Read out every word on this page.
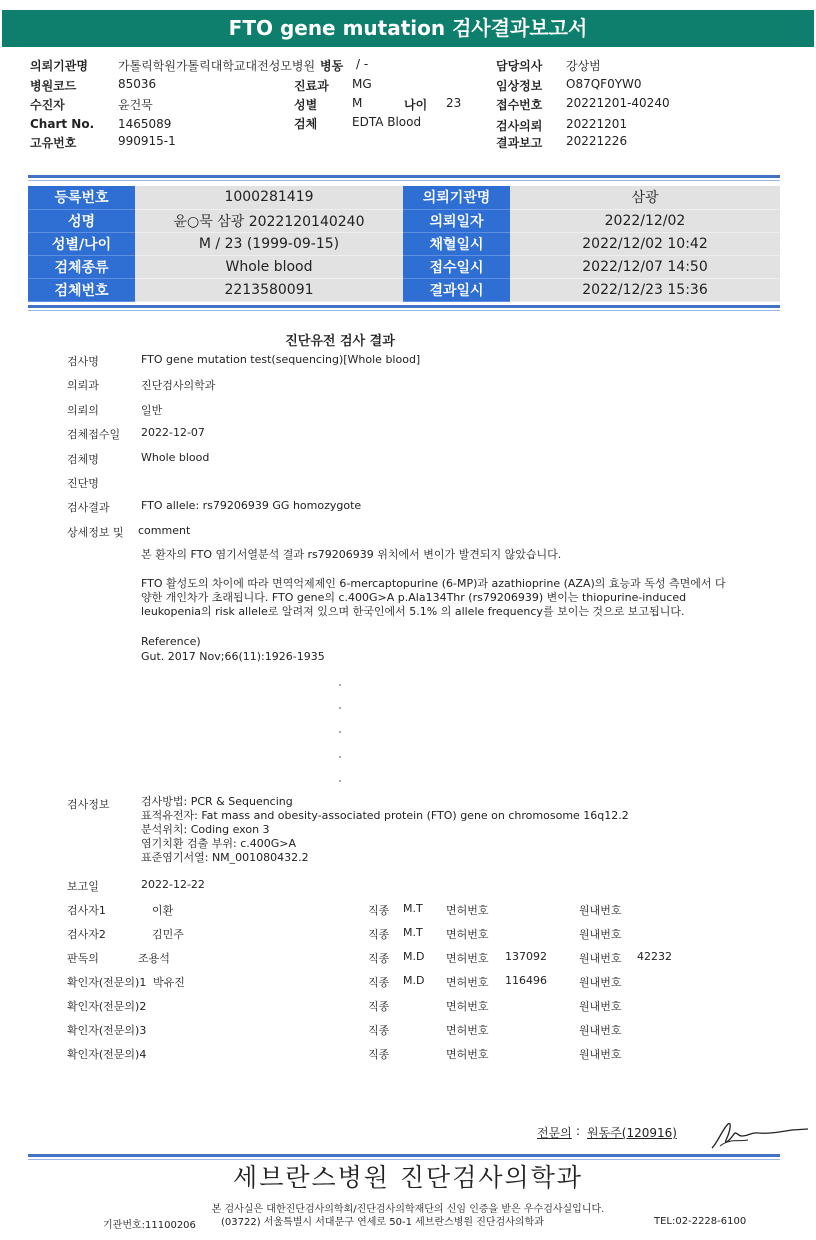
FTO gene mutation 검사결과보고서
의뢰기관명	가톨릭학원가톨릭대학교대전성모병원 병동 / -	담당의사 강상범
병원코드	85036	진료과 MG	임상정보 O87QF0YW0
수진자	윤건묵	성별	M	나이 23	접수번호 20221201-40240
Chart No. 1465089	검체	EDTA Blood	검사의뢰 20221201
고유번호	990915-1	결과보고 20221226
등록번호	1000281419	의뢰기관명	삼광
성명	윤○묵 삼광 2022120140240	의뢰일자	2022/12/02
성별/나이	M / 23 (1999-09-15)	채혈일시	2022/12/02 10:42
검체종류	Whole blood	접수일시	2022/12/07 14:50
검체번호	2213580091	결과일시	2022/12/23 15:36
진단유전 검사 결과
검사명	FTO gene mutation test(sequencing)[Whole blood]
의뢰과	진단검사의학과
의뢰의	일반
검체접수일 2022-12-07
검체명	Whole blood
진단명
검사결과	FTO allele: rs79206939 GG homozygote
상세정보 및 comment
본 환자의 FTO 염기서열분석 결과 rs79206939 위치에서 변이가 발견되지 않았습니다.
FTO 활성도의 차이에 따라 면역억제제인 6-mercaptopurine (6-MP)과 azathioprine (AZA)의 효능과 독성 측면에서 다양한 개인차가 초래됩니다. FTO gene의 c.400G>A p.Ala134Thr (rs79206939) 변이는 thiopurine-induced leukopenia의 risk allele로 알려져 있으며 한국인에서 5.1% 의 allele frequency를 보이는 것으로 보고됩니다.
Reference)
Gut. 2017 Nov;66(11):1926-1935
검사정보	검사방법: PCR & Sequencing
표적유전자: Fat mass and obesity-associated protein (FTO) gene on chromosome 16q12.2
분석위치: Coding exon 3
염기치환 검출 부위: c.400G>A
표준염기서열: NM_001080432.2
보고일	2022-12-22
검사자1	이환	직종 M.T 면허번호	원내번호
검사자2	김민주	직종 M.T 면허번호	원내번호
판독의	조용석	직종 M.D 면허번호 137092	원내번호 42232
확인자(전문의)1 박유진	직종 M.D 면허번호 116496	원내번호
확인자(전문의)2	직종	면허번호	원내번호
확인자(전문의)3	직종	면허번호	원내번호
확인자(전문의)4	직종	면허번호	원내번호
전문의 : 원동주(120916)
세브란스병원 진단검사의학과
본 검사실은 대한진단검사의학회/진단검사의학재단의 신임 인증을 받은 우수검사실입니다.
기관번호:11100206	(03722) 서울특별시 서대문구 연세로 50-1 세브란스병원 진단검사의학과	TEL:02-2228-6100
